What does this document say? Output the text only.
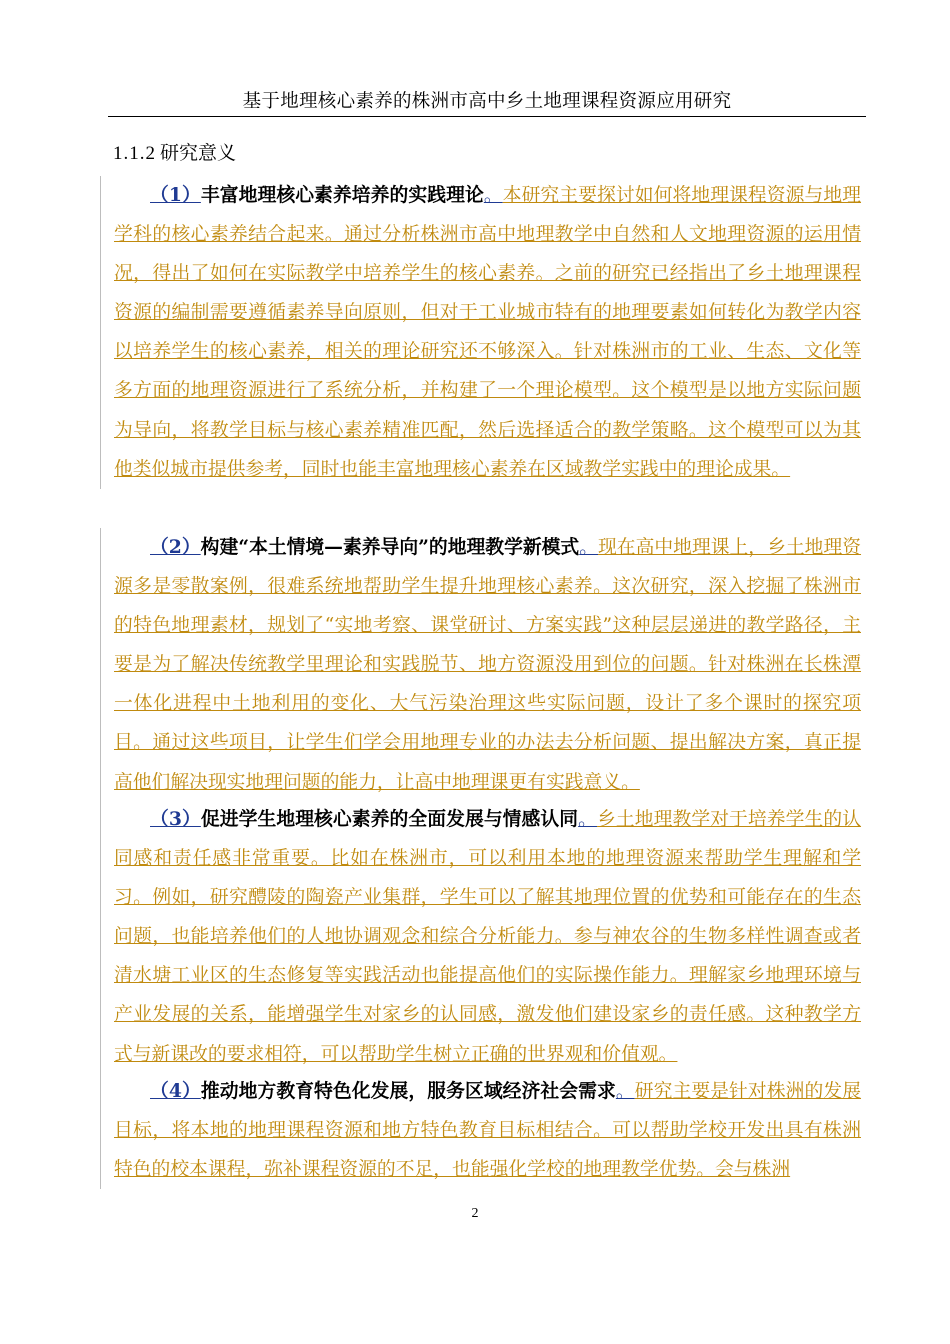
基于地理核心素养的株洲市高中乡土地理课程资源应用研究
1.1.2 研究意义

（1）丰富地理核心素养培养的实践理论。本研究主要探讨如何将地理课程资源与地理学科的核心素养结合起来。通过分析株洲市高中地理教学中自然和人文地理资源的运用情况，得出了如何在实际教学中培养学生的核心素养。之前的研究已经指出了乡土地理课程资源的编制需要遵循素养导向原则，但对于工业城市特有的地理要素如何转化为教学内容以培养学生的核心素养，相关的理论研究还不够深入。针对株洲市的工业、生态、文化等多方面的地理资源进行了系统分析，并构建了一个理论模型。这个模型是以地方实际问题为导向，将教学目标与核心素养精准匹配，然后选择适合的教学策略。这个模型可以为其他类似城市提供参考，同时也能丰富地理核心素养在区域教学实践中的理论成果。

（2）构建“本土情境—素养导向”的地理教学新模式。现在高中地理课上，乡土地理资源多是零散案例，很难系统地帮助学生提升地理核心素养。这次研究，深入挖掘了株洲市的特色地理素材，规划了“实地考察、课堂研讨、方案实践”这种层层递进的教学路径，主要是为了解决传统教学里理论和实践脱节、地方资源没用到位的问题。针对株洲在长株潭一体化进程中土地利用的变化、大气污染治理这些实际问题，设计了多个课时的探究项目。通过这些项目，让学生们学会用地理专业的办法去分析问题、提出解决方案，真正提高他们解决现实地理问题的能力，让高中地理课更有实践意义。

（3）促进学生地理核心素养的全面发展与情感认同。乡土地理教学对于培养学生的认同感和责任感非常重要。比如在株洲市，可以利用本地的地理资源来帮助学生理解和学习。例如，研究醴陵的陶瓷产业集群，学生可以了解其地理位置的优势和可能存在的生态问题，也能培养他们的人地协调观念和综合分析能力。参与神农谷的生物多样性调查或者清水塘工业区的生态修复等实践活动也能提高他们的实际操作能力。理解家乡地理环境与产业发展的关系，能增强学生对家乡的认同感，激发他们建设家乡的责任感。这种教学方式与新课改的要求相符，可以帮助学生树立正确的世界观和价值观。

（4）推动地方教育特色化发展，服务区域经济社会需求。研究主要是针对株洲的发展目标，将本地的地理课程资源和地方特色教育目标相结合。可以帮助学校开发出具有株洲特色的校本课程，弥补课程资源的不足，也能强化学校的地理教学优势。会与株洲

2
